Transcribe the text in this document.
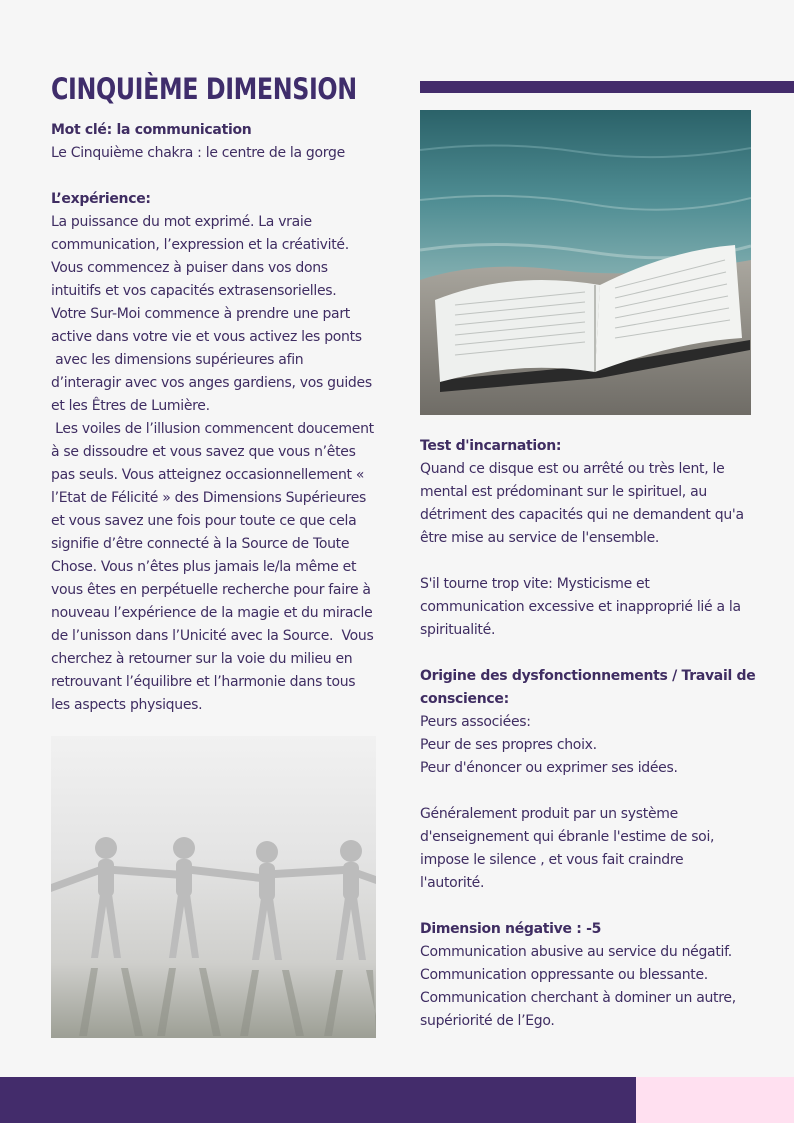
CINQUIÈME DIMENSION

Mot clé: la communication

Le Cinquième chakra : le centre de la gorge

L’expérience:

La puissance du mot exprimé. La vraie

communication, l’expression et la créativité.

Vous commencez à puiser dans vos dons

intuitifs et vos capacités extrasensorielles.

Votre Sur-Moi commence à prendre une part

active dans votre vie et vous activez les ponts

avec les dimensions supérieures afin

d’interagir avec vos anges gardiens, vos guides

et les Êtres de Lumière.

Les voiles de l’illusion commencent doucement

à se dissoudre et vous savez que vous n’êtes

pas seuls. Vous atteignez occasionnellement «

l’Etat de Félicité » des Dimensions Supérieures

et vous savez une fois pour toute ce que cela

signifie d’être connecté à la Source de Toute

Chose. Vous n’êtes plus jamais le/la même et

vous êtes en perpétuelle recherche pour faire à

nouveau l’expérience de la magie et du miracle

de l’unisson dans l’Unicité avec la Source.  Vous

cherchez à retourner sur la voie du milieu en

retrouvant l’équilibre et l’harmonie dans tous

les aspects physiques.

Test d'incarnation:

Quand ce disque est ou arrêté ou très lent, le

mental est prédominant sur le spirituel, au

détriment des capacités qui ne demandent qu'a

être mise au service de l'ensemble.

S'il tourne trop vite: Mysticisme et

communication excessive et inapproprié lié a la

spiritualité.

Origine des dysfonctionnements / Travail de

conscience:

Peurs associées:

Peur de ses propres choix.

Peur d'énoncer ou exprimer ses idées.

Généralement produit par un système

d'enseignement qui ébranle l'estime de soi,

impose le silence , et vous fait craindre

l'autorité.

Dimension négative : -5

Communication abusive au service du négatif.

Communication oppressante ou blessante.

Communication cherchant à dominer un autre,

supériorité de l’Ego.
